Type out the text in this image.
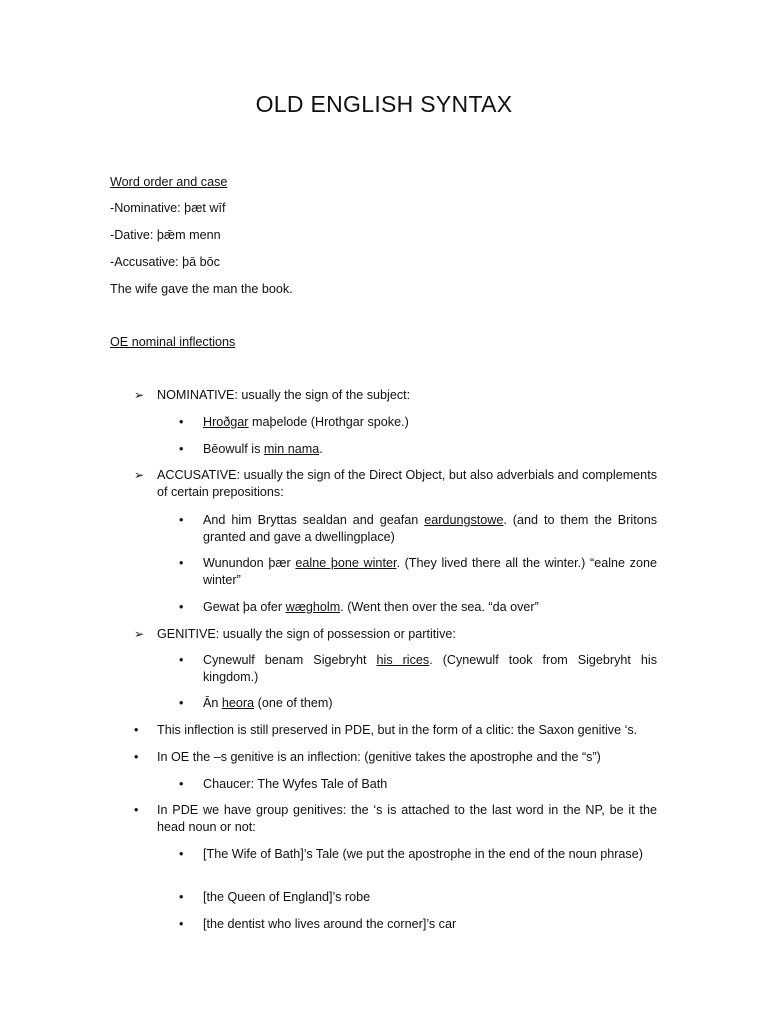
OLD ENGLISH SYNTAX
Word order and case
-Nominative: þæt wīf
-Dative: þǣm menn
-Accusative: þā bōc
The wife gave the man the book.
OE nominal inflections
➢ NOMINATIVE: usually the sign of the subject:
• Hroðgar maþelode (Hrothgar spoke.)
• Bēowulf is min nama.
➢ ACCUSATIVE: usually the sign of the Direct Object, but also adverbials and complements of certain prepositions:
• And him Bryttas sealdan and geafan eardungstowe. (and to them the Britons granted and gave a dwellingplace)
• Wunundon þær ealne þone winter. (They lived there all the winter.) “ealne zone winter”
• Gewat þa ofer wægholm. (Went then over the sea. “da over”
➢ GENITIVE: usually the sign of possession or partitive:
• Cynewulf benam Sigebryht his rices. (Cynewulf took from Sigebryht his kingdom.)
• Ān heora (one of them)
• This inflection is still preserved in PDE, but in the form of a clitic: the Saxon genitive ‘s.
• In OE the –s genitive is an inflection: (genitive takes the apostrophe and the “s”)
• Chaucer: The Wyfes Tale of Bath
• In PDE we have group genitives: the ‘s is attached to the last word in the NP, be it the head noun or not:
• [The Wife of Bath]’s Tale (we put the apostrophe in the end of the noun phrase)
• [the Queen of England]’s robe
• [the dentist who lives around the corner]’s car
